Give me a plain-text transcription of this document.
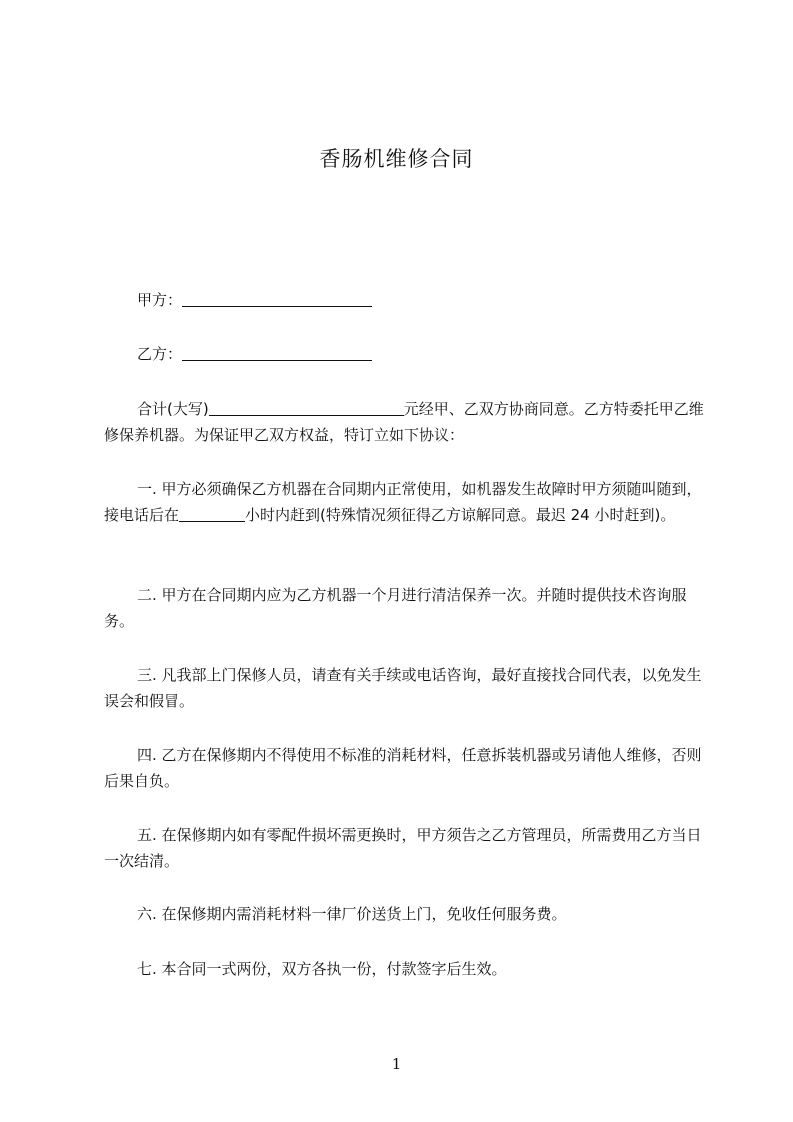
香肠机维修合同

甲方：

乙方：

合计(大写)	元经甲、乙双方协商同意。乙方特委托甲乙维修保养机器。为保证甲乙双方权益，特订立如下协议：

一. 甲方必须确保乙方机器在合同期内正常使用，如机器发生故障时甲方须随叫随到，接电话后在	小时内赶到(特殊情况须征得乙方谅解同意。最迟 24 小时赶到)。

二. 甲方在合同期内应为乙方机器一个月进行清洁保养一次。并随时提供技术咨询服务。

三. 凡我部上门保修人员，请查有关手续或电话咨询，最好直接找合同代表，以免发生误会和假冒。

四. 乙方在保修期内不得使用不标准的消耗材料，任意拆装机器或另请他人维修，否则后果自负。

五. 在保修期内如有零配件损坏需更换时，甲方须告之乙方管理员，所需费用乙方当日一次结清。

六. 在保修期内需消耗材料一律厂价送货上门，免收任何服务费。

七. 本合同一式两份，双方各执一份，付款签字后生效。

1
